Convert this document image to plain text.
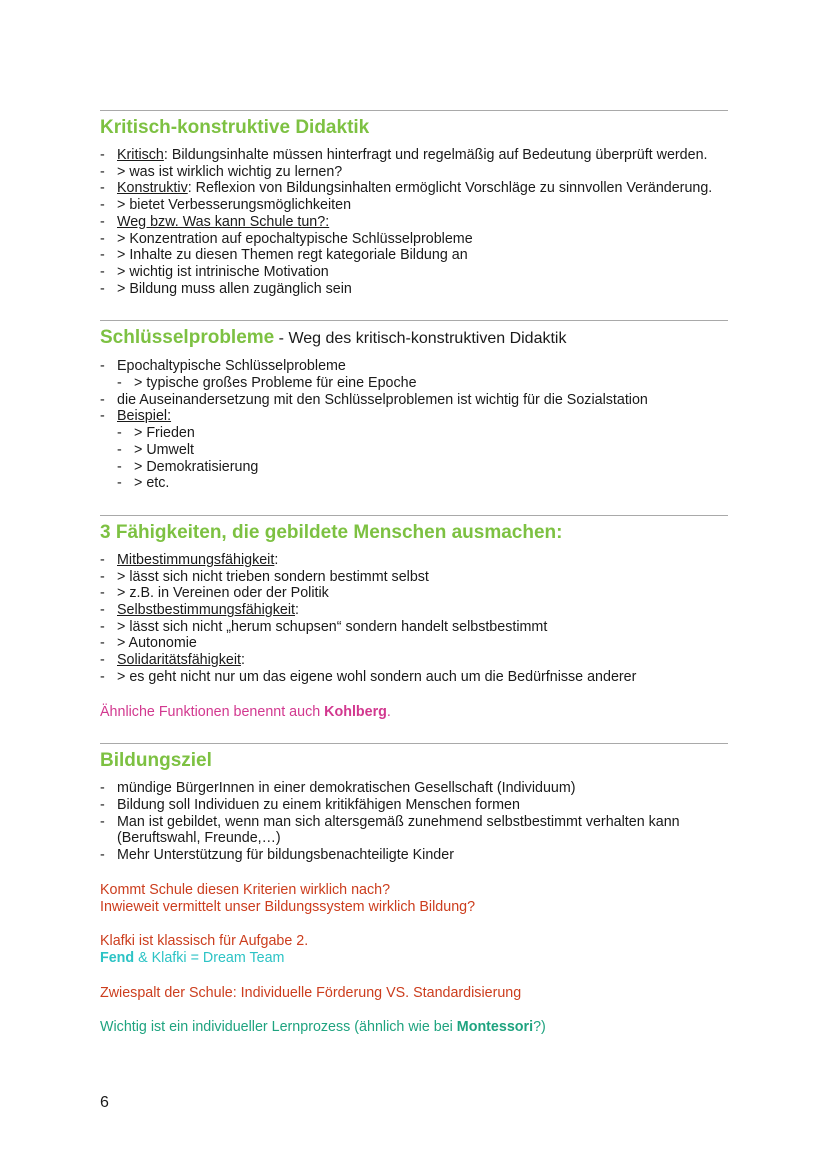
Kritisch-konstruktive Didaktik
- Kritisch: Bildungsinhalte müssen hinterfragt und regelmäßig auf Bedeutung überprüft werden.
- > was ist wirklich wichtig zu lernen?
- Konstruktiv: Reflexion von Bildungsinhalten ermöglicht Vorschläge zu sinnvollen Veränderung.
- > bietet Verbesserungsmöglichkeiten
- Weg bzw. Was kann Schule tun?:
- > Konzentration auf epochaltypische Schlüsselprobleme
- > Inhalte zu diesen Themen regt kategoriale Bildung an
- > wichtig ist intrinische Motivation
- > Bildung muss allen zugänglich sein
Schlüsselprobleme - Weg des kritisch-konstruktiven Didaktik
- Epochaltypische Schlüsselprobleme
- > typische großes Probleme für eine Epoche
- die Auseinandersetzung mit den Schlüsselproblemen ist wichtig für die Sozialstation
- Beispiel:
- > Frieden
- > Umwelt
- > Demokratisierung
- > etc.
3 Fähigkeiten, die gebildete Menschen ausmachen:
- Mitbestimmungsfähigkeit:
- > lässt sich nicht trieben sondern bestimmt selbst
- > z.B. in Vereinen oder der Politik
- Selbstbestimmungsfähigkeit:
- > lässt sich nicht „herum schupsen“ sondern handelt selbstbestimmt
- > Autonomie
- Solidaritätsfähigkeit:
- > es geht nicht nur um das eigene wohl sondern auch um die Bedürfnisse anderer

Ähnliche Funktionen benennt auch Kohlberg.

Bildungsziel
- mündige BürgerInnen in einer demokratischen Gesellschaft (Individuum)
- Bildung soll Individuen zu einem kritikfähigen Menschen formen
- Man ist gebildet, wenn man sich altersgemäß zunehmend selbstbestimmt verhalten kann (Beruftswahl, Freunde,…)
- Mehr Unterstützung für bildungsbenachteiligte Kinder

Kommt Schule diesen Kriterien wirklich nach?

Inwieweit vermittelt unser Bildungssystem wirklich Bildung?

Klafki ist klassisch für Aufgabe 2.

Fend & Klafki = Dream Team

Zwiespalt der Schule: Individuelle Förderung VS. Standardisierung

Wichtig ist ein individueller Lernprozess (ähnlich wie bei Montessori?)

6
